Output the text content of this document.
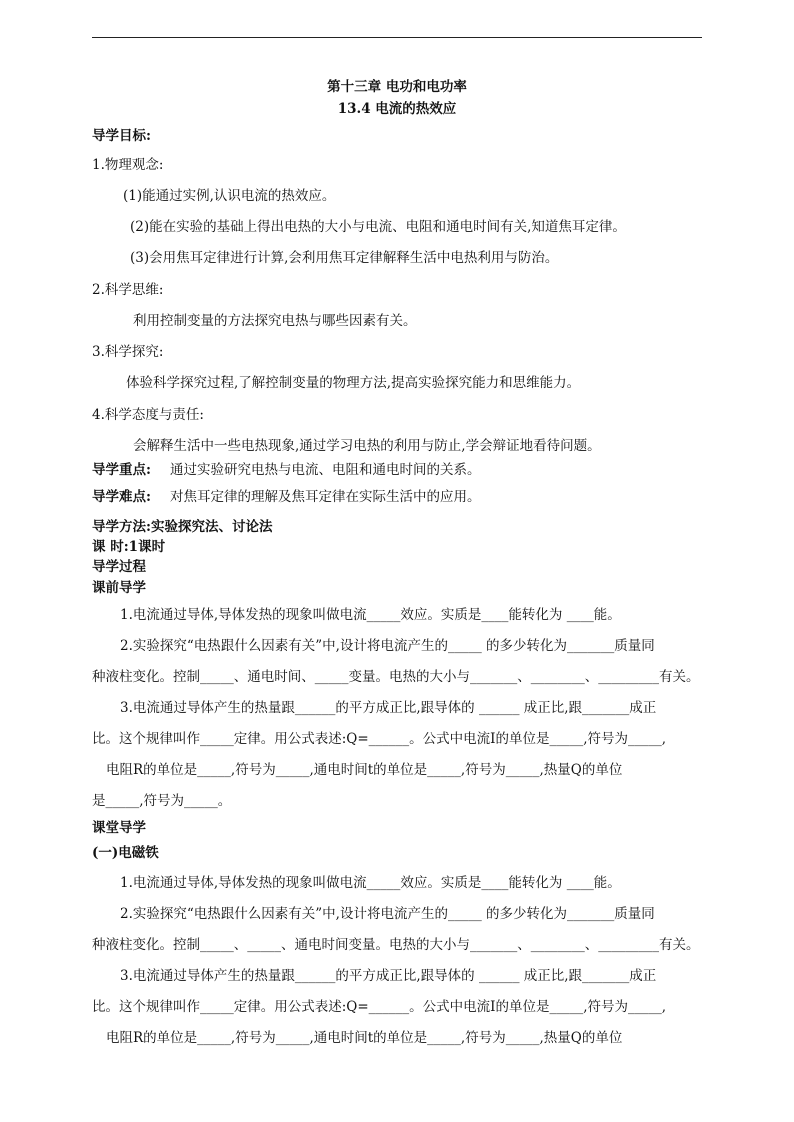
第十三章 电功和电功率
13.4 电流的热效应
导学目标:
1.物理观念:
(1)能通过实例,认识电流的热效应。
(2)能在实验的基础上得出电热的大小与电流、电阻和通电时间有关,知道焦耳定律。
(3)会用焦耳定律进行计算,会利用焦耳定律解释生活中电热利用与防治。
2.科学思维:
利用控制变量的方法探究电热与哪些因素有关。
3.科学探究:
体验科学探究过程,了解控制变量的物理方法,提高实验探究能力和思维能力。
4.科学态度与责任:
会解释生活中一些电热现象,通过学习电热的利用与防止,学会辩证地看待问题。
导学重点: 通过实验研究电热与电流、电阻和通电时间的关系。
导学难点: 对焦耳定律的理解及焦耳定律在实际生活中的应用。
导学方法:实验探究法、讨论法
课 时:1课时
导学过程
课前导学
1.电流通过导体,导体发热的现象叫做电流_____效应。实质是____能转化为 ____能。
2.实验探究“电热跟什么因素有关”中,设计将电流产生的_____ 的多少转化为_______质量同
种液柱变化。控制_____、通电时间、_____变量。电热的大小与_______、________、_________有关。
3.电流通过导体产生的热量跟______的平方成正比,跟导体的 ______ 成正比,跟_______成正
比。这个规律叫作_____定律。用公式表述:Q=______。公式中电流Ⅰ的单位是_____,符号为_____,
电阻R的单位是_____,符号为_____,通电时间t的单位是_____,符号为_____,热量Q的单位
是_____,符号为_____。
课堂导学
(一)电磁铁
1.电流通过导体,导体发热的现象叫做电流_____效应。实质是____能转化为 ____能。
2.实验探究“电热跟什么因素有关”中,设计将电流产生的_____ 的多少转化为_______质量同
种液柱变化。控制_____、_____、通电时间变量。电热的大小与_______、________、_________有关。
3.电流通过导体产生的热量跟______的平方成正比,跟导体的 ______ 成正比,跟_______成正
比。这个规律叫作_____定律。用公式表述:Q=______。公式中电流Ⅰ的单位是_____,符号为_____,
电阻R的单位是_____,符号为_____,通电时间t的单位是_____,符号为_____,热量Q的单位
